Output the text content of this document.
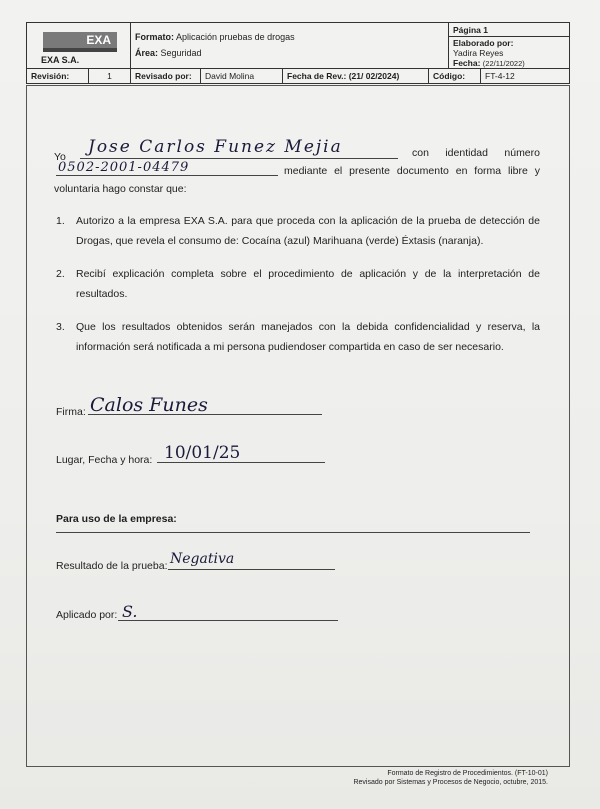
EXA
EXA S.A.
Formato: Aplicación pruebas de drogas
Área: Seguridad
Página 1
Elaborado por:
Yadira Reyes
Fecha: (22/11/2022)
Revisión:	1	Revisado por:	David Molina	Fecha de Rev.: (21/ 02/2024)	Código:	FT-4-12
Yo Jose Carlos Funez Mejia	con identidad número
0502-2001-04479	mediante el presente documento en forma libre y
voluntaria hago constar que:
1. Autorizo a la empresa EXA S.A. para que proceda con la aplicación de la prueba de detección de Drogas, que revela el consumo de: Cocaína (azul) Marihuana (verde) Éxtasis (naranja).
2. Recibí explicación completa sobre el procedimiento de aplicación y de la interpretación de resultados.
3. Que los resultados obtenidos serán manejados con la debida confidencialidad y reserva, la información será notificada a mi persona pudiendoser compartida en caso de ser necesario.
Firma: Calos Funes
Lugar, Fecha y hora: 10/01/25
Para uso de la empresa:
Resultado de la prueba: Negativa
Aplicado por: S.
Formato de Registro de Procedimientos. (FT-10-01)
Revisado por Sistemas y Procesos de Negocio, octubre, 2015.
